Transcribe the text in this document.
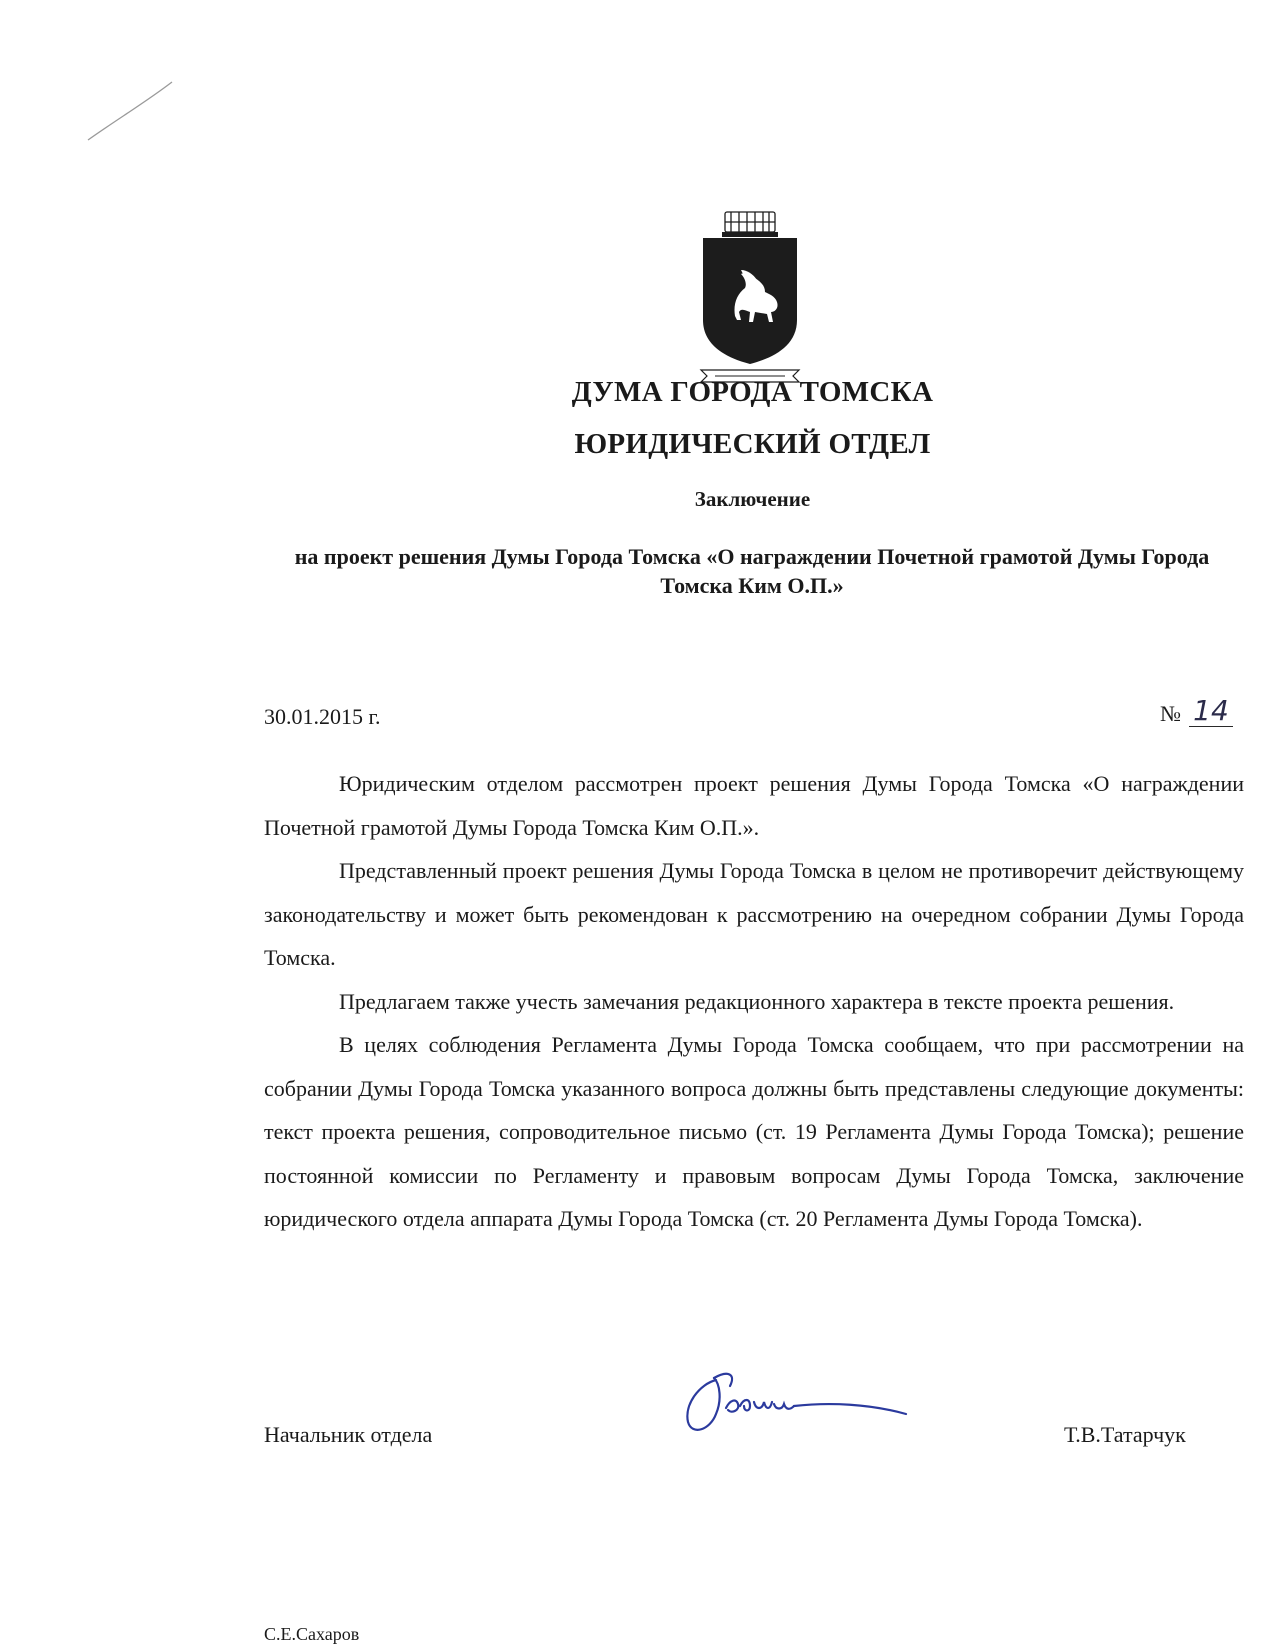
ДУМА ГОРОДА ТОМСКА
ЮРИДИЧЕСКИЙ ОТДЕЛ
Заключение
на проект решения Думы Города Томска «О награждении Почетной грамотой Думы Города Томска Ким О.П.»
30.01.2015 г.	№ 14

Юридическим отделом рассмотрен проект решения Думы Города Томска «О награждении Почетной грамотой Думы Города Томска Ким О.П.».

Представленный проект решения Думы Города Томска в целом не противоречит действующему законодательству и может быть рекомендован к рассмотрению на очередном собрании Думы Города Томска.

Предлагаем также учесть замечания редакционного характера в тексте проекта решения.

В целях соблюдения Регламента Думы Города Томска сообщаем, что при рассмотрении на собрании Думы Города Томска указанного вопроса должны быть представлены следующие документы: текст проекта решения, сопроводительное письмо (ст. 19 Регламента Думы Города Томска); решение постоянной комиссии по Регламенту и правовым вопросам Думы Города Томска, заключение юридического отдела аппарата Думы Города Томска (ст. 20 Регламента Думы Города Томска).

Начальник отдела	Т.В.Татарчук
С.Е.Сахаров
